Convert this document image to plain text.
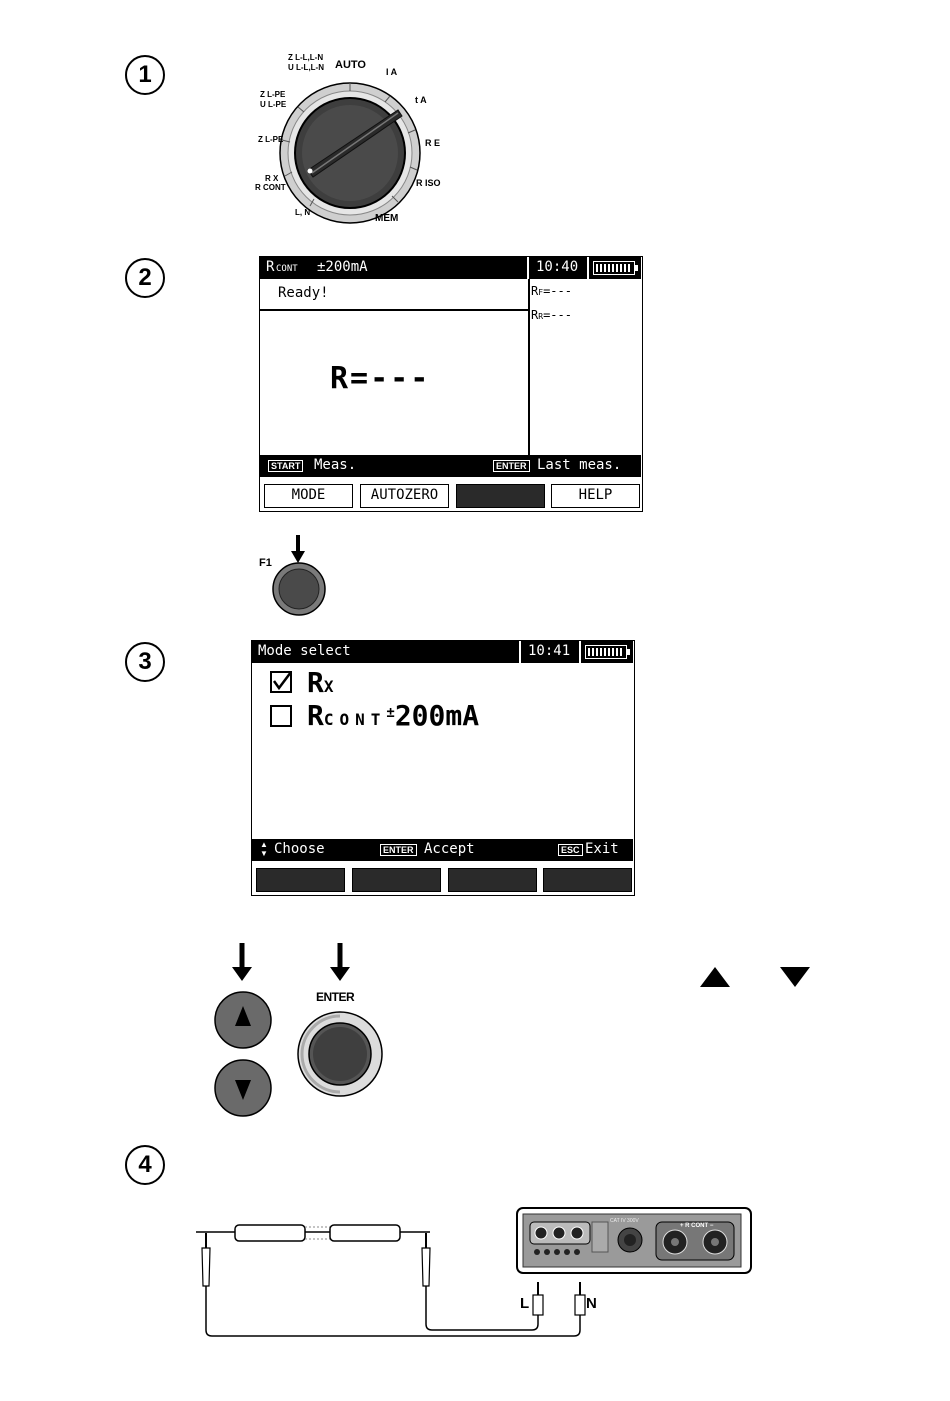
1
2
3
4
Z L-L,L-N
U L-L,L-N AUTO
I A
t A
R E
R ISO
MEM
L, N
R X
R CONT
Z L-PE
Z L-PE
U L-PE
R CONT ±200mA	10:40
Ready!
R=---
RF=---
RR=---
START Meas.	ENTER Last meas.
MODE	AUTOZERO	HELP
F1
Mode select	10:41
RX
RCONT±200mA
▲
▼ Choose	ENTER Accept	ESC Exit
ENTER
CAT IV 300V
+ R CONT −
L	N
